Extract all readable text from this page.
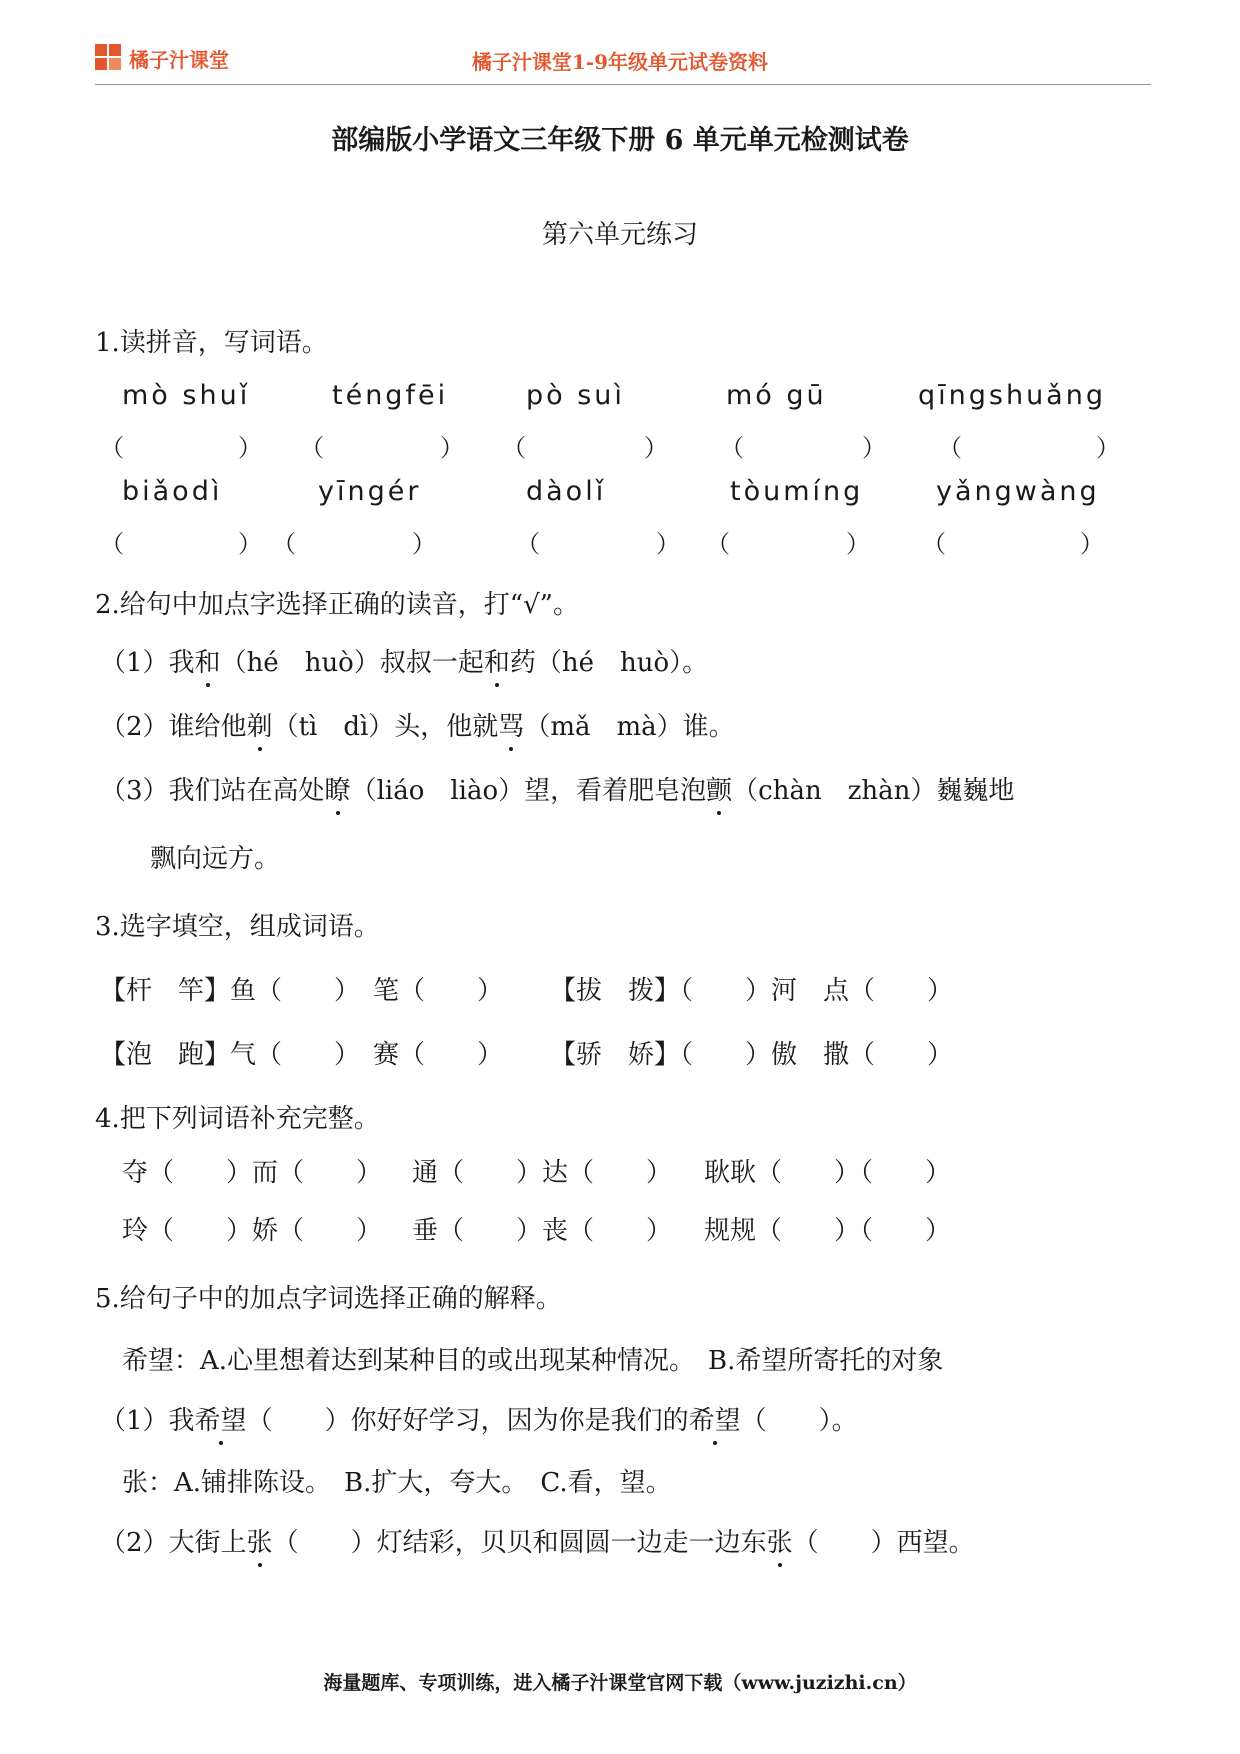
橘子汁课堂	橘子汁课堂1-9年级单元试卷资料
部编版小学语文三年级下册 6 单元单元检测试卷
第六单元练习
1.读拼音，写词语。
mò shuǐ	téngfēi	pò suì	mó gū	qīngshuǎng
（	） （	） （	） （	） （	）
biǎodì	yīngér	dàolǐ	tòumíng	yǎngwàng
（	） （	）	（	） （	） （	）
2.给句中加点字选择正确的读音，打“√”。
（1）我和（hé　huò）叔叔一起和药（hé　huò）。
（2）谁给他剃（tì　dì）头，他就骂（mǎ　mà）谁。
（3）我们站在高处瞭（liáo　liào）望，看着肥皂泡颤（chàn　zhàn）巍巍地
飘向远方。
3.选字填空，组成词语。
【杆　竿】鱼（　　）　笔（　　） 【拔　拨】（　　）河　点（　　）
【泡　跑】气（　　）　赛（　　） 【骄　娇】（　　）傲　撒（　　）
4.把下列词语补充完整。
夺（　　）而（　　） 通（　　）达（　　） 耿耿（　　）（　　）
玲（　　）娇（　　） 垂（　　）丧（　　） 规规（　　）（　　）
5.给句子中的加点字词选择正确的解释。
希望：A.心里想着达到某种目的或出现某种情况。　B.希望所寄托的对象
（1）我希望（　　）你好好学习，因为你是我们的希望（　　）。
张：A.铺排陈设。　B.扩大，夸大。　C.看，望。
（2）大街上张（　　）灯结彩，贝贝和圆圆一边走一边东张（　　）西望。
海量题库、专项训练，进入橘子汁课堂官网下载（www.juzizhi.cn）
